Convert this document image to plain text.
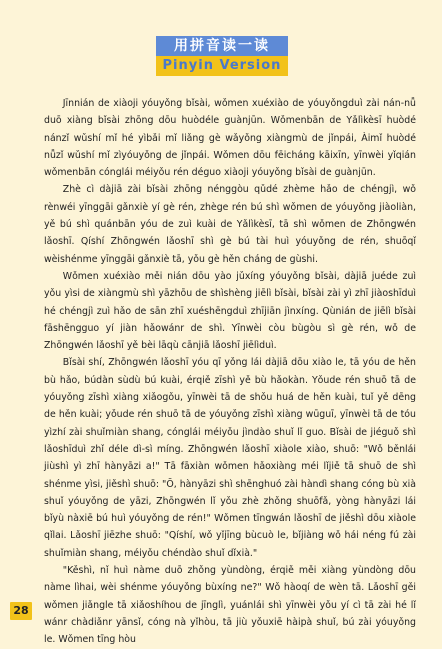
用拼音读一读
Pinyin Version

Jīnnián de xiàoji yóuyǒng bǐsài, wǒmen xuéxiào de yóuyǒngduì zài nán-nǚ duō xiàng bǐsài zhōng dōu huòdéle guànjūn. Wǒmenbān de Yǎlìkèsī huòdé nánzǐ wǔshí mǐ hé yìbǎi mǐ liǎng gè wǎyǒng xiàngmù de jǐnpái, Àimǐ huòdé nǚzǐ wǔshí mǐ zìyóuyǒng de jǐnpái. Wǒmen dōu fēicháng kāixīn, yīnwèi yǐqián wǒmenbān cónglái méiyǒu rén déguo xiàoji yóuyǒng bǐsài de guànjūn.

Zhè cì dàjiā zài bǐsài zhōng nénggòu qǔdé zhème hǎo de chéngjì, wǒ rènwéi yīnggāi gǎnxiè yí gè rén, zhège rén bú shì wǒmen de yóuyǒng jiàoliàn, yě bú shì quánbān yóu de zuì kuài de Yǎlìkèsī, tā shì wǒmen de Zhōngwén lǎoshī. Qíshí Zhōngwén lǎoshī shì gè bú tài huì yóuyǒng de rén, shuōqǐ wèishénme yīnggāi gǎnxiè tā, yǒu gè hěn cháng de gùshi.

Wǒmen xuéxiào měi nián dōu yào jǔxíng yóuyǒng bǐsài, dàjiā juéde zuì yǒu yìsi de xiàngmù shì yāzhōu de shìshèng jiēlì bǐsài, bǐsài zài yì zhī jiàoshīduì hé chéngjì zuì hǎo de sān zhī xuéshēngduì zhījiān jìnxíng. Qùnián de jiēlì bǐsài fāshēngguo yí jiàn hǎowánr de shì. Yīnwèi còu bùgòu sì gè rén, wǒ de Zhōngwén lǎoshī yě bèi lāqù cānjiā lǎoshī jiēlìduì.

Bǐsài shí, Zhōngwén lǎoshī yóu qī yǒng lái dàjiā dōu xiào le, tā yóu de hěn bù hǎo, búdàn sùdù bú kuài, érqiě zīshì yě bù hǎokàn. Yǒude rén shuō tā de yóuyǒng zīshì xiàng xiǎogǒu, yīnwèi tā de shǒu huá de hěn kuài, tuǐ yě dēng de hěn kuài; yǒude rén shuō tā de yóuyǒng zīshì xiàng wūguī, yīnwèi tā de tóu yìzhí zài shuǐmiàn shang, cónglái méiyǒu jìndào shuǐ lǐ guo. Bǐsài de jiéguǒ shì lǎoshīduì zhǐ déle dì-sì míng. Zhōngwén lǎoshī xiàole xiào, shuō: "Wǒ běnlái jiùshì yì zhī hànyāzi a!" Tā fāxiàn wǒmen hǎoxiàng méi lǐjiě tā shuō de shì shénme yìsi, jiěshì shuō: "Ō, hànyāzi shì shēnghuó zài hàndì shang cóng bù xià shuǐ yóuyǒng de yāzi, Zhōngwén lǐ yǒu zhè zhǒng shuōfǎ, yòng hànyāzi lái bǐyù nàxiē bú huì yóuyǒng de rén!" Wǒmen tīngwán lǎoshī de jiěshì dōu xiàole qǐlai. Lǎoshī jiēzhe shuō: "Qíshí, wǒ yǐjīng bùcuò le, bǐjiàng wǒ hái néng fú zài shuǐmiàn shang, méiyǒu chéndào shuǐ dǐxià."

"Kěshì, nǐ huì nàme duō zhǒng yùndòng, érqiě měi xiàng yùndòng dōu nàme lìhai, wèi shénme yóuyǒng bùxíng ne?" Wǒ hàoqí de wèn tā. Lǎoshī gěi wǒmen jiǎngle tā xiǎoshíhou de jīnglì, yuánlái shì yīnwèi yǒu yí cì tā zài hé lǐ wánr chàdiǎnr yānsǐ, cóng nà yǐhòu, tā jiù yǒuxiē hàipà shuǐ, bú zài yóuyǒng le. Wǒmen tīng hòu

28
